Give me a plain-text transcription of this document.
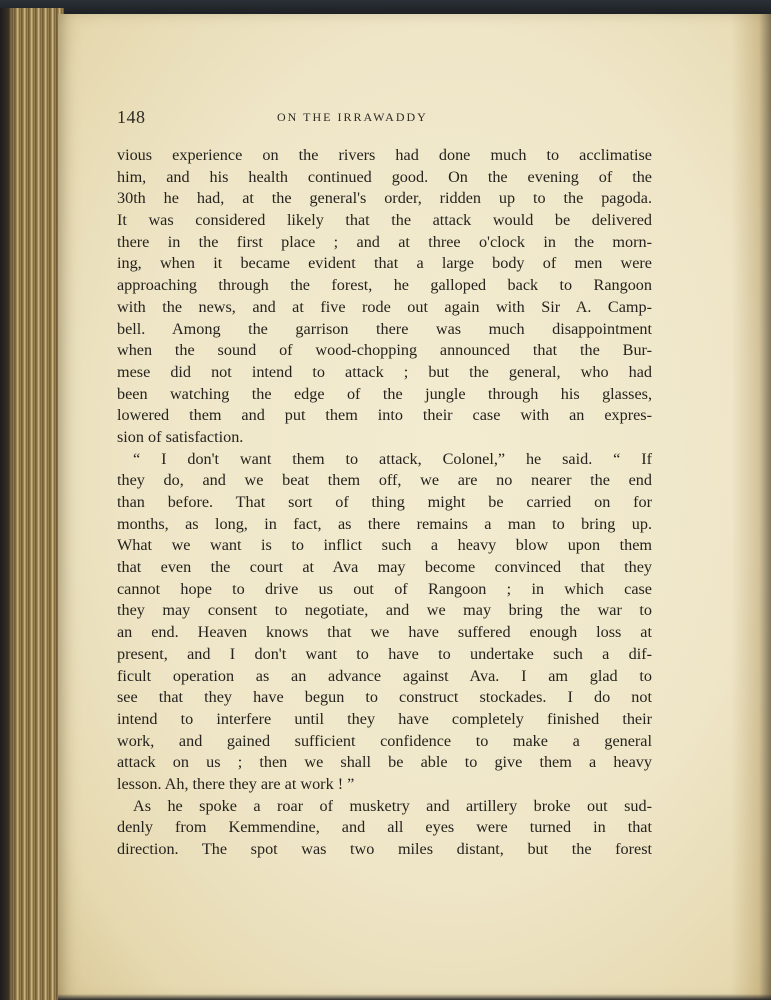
148	ON THE IRRAWADDY
vious experience on the rivers had done much to acclimatise
him, and his health continued good. On the evening of the
30th he had, at the general's order, ridden up to the pagoda.
It was considered likely that the attack would be delivered
there in the first place ; and at three o'clock in the morn-
ing, when it became evident that a large body of men were
approaching through the forest, he galloped back to Rangoon
with the news, and at five rode out again with Sir A. Camp-
bell. Among the garrison there was much disappointment
when the sound of wood-chopping announced that the Bur-
mese did not intend to attack ; but the general, who had
been watching the edge of the jungle through his glasses,
lowered them and put them into their case with an expres-
sion of satisfaction.
“ I don't want them to attack, Colonel,” he said. “ If
they do, and we beat them off, we are no nearer the end
than before. That sort of thing might be carried on for
months, as long, in fact, as there remains a man to bring up.
What we want is to inflict such a heavy blow upon them
that even the court at Ava may become convinced that they
cannot hope to drive us out of Rangoon ; in which case
they may consent to negotiate, and we may bring the war to
an end. Heaven knows that we have suffered enough loss at
present, and I don't want to have to undertake such a dif-
ficult operation as an advance against Ava. I am glad to
see that they have begun to construct stockades. I do not
intend to interfere until they have completely finished their
work, and gained sufficient confidence to make a general
attack on us ; then we shall be able to give them a heavy
lesson. Ah, there they are at work ! ”
As he spoke a roar of musketry and artillery broke out sud-
denly from Kemmendine, and all eyes were turned in that
direction. The spot was two miles distant, but the forest
